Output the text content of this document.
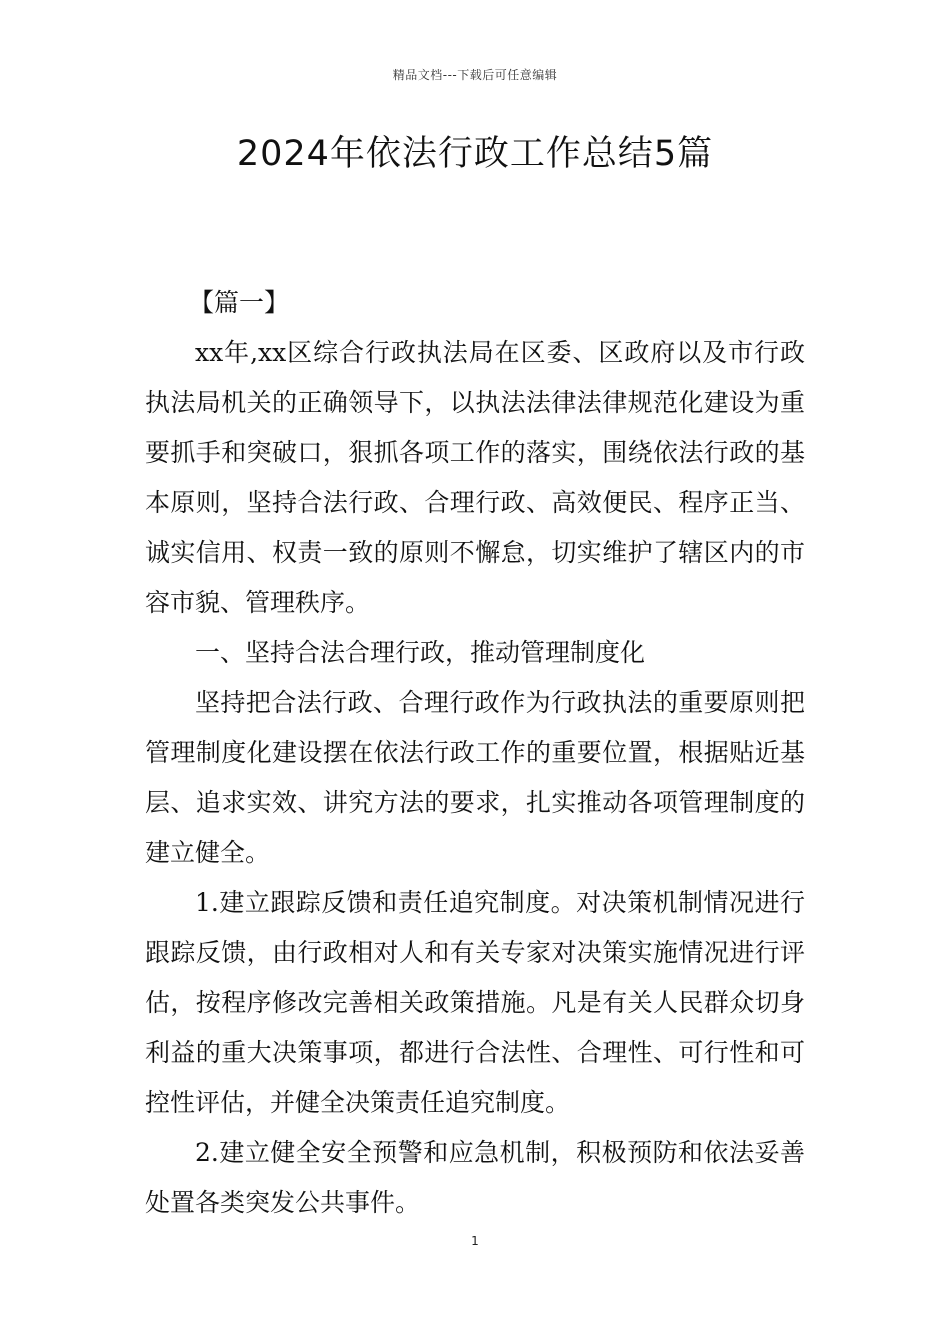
精品文档---下载后可任意编辑
2024年依法行政工作总结5篇

【篇一】

xx年,xx区综合行政执法局在区委、区政府以及市行政执法局机关的正确领导下，以执法法律法律规范化建设为重要抓手和突破口，狠抓各项工作的落实，围绕依法行政的基本原则，坚持合法行政、合理行政、高效便民、程序正当、诚实信用、权责一致的原则不懈怠，切实维护了辖区内的市容市貌、管理秩序。

一、坚持合法合理行政，推动管理制度化

坚持把合法行政、合理行政作为行政执法的重要原则把管理制度化建设摆在依法行政工作的重要位置，根据贴近基层、追求实效、讲究方法的要求，扎实推动各项管理制度的建立健全。

1.建立跟踪反馈和责任追究制度。对决策机制情况进行跟踪反馈，由行政相对人和有关专家对决策实施情况进行评估，按程序修改完善相关政策措施。凡是有关人民群众切身利益的重大决策事项，都进行合法性、合理性、可行性和可控性评估，并健全决策责任追究制度。

2.建立健全安全预警和应急机制，积极预防和依法妥善处置各类突发公共事件。

1
